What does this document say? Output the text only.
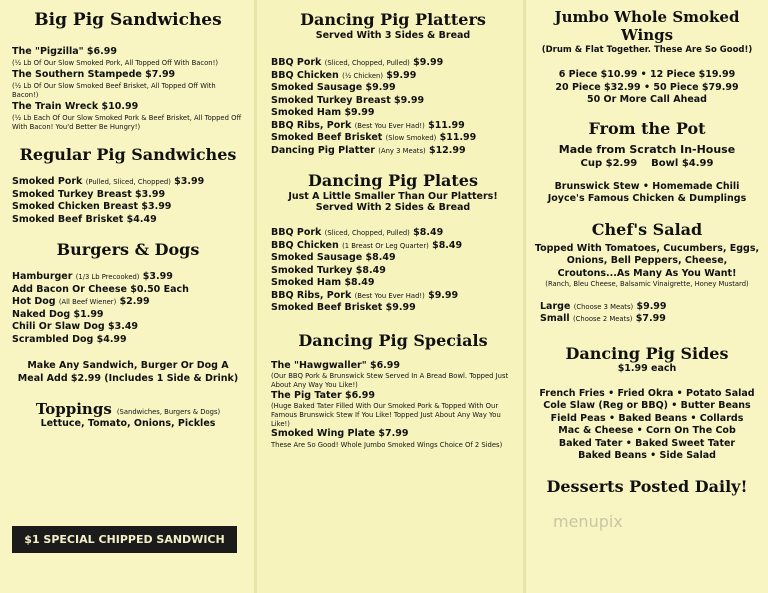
Big Pig Sandwiches
The "Pigzilla" $6.99
(½ Lb Of Our Slow Smoked Pork, All Topped Off With Bacon!)
The Southern Stampede $7.99
(½ Lb Of Our Slow Smoked Beef Brisket, All Topped Off With Bacon!)
The Train Wreck $10.99
(½ Lb Each Of Our Slow Smoked Pork & Beef Brisket, All Topped Off With Bacon! You'd Better Be Hungry!)
Regular Pig Sandwiches
Smoked Pork (Pulled, Sliced, Chopped) $3.99
Smoked Turkey Breast $3.99
Smoked Chicken Breast $3.99
Smoked Beef Brisket $4.49
Burgers & Dogs
Hamburger (1/3 Lb Precooked) $3.99
Add Bacon Or Cheese $0.50 Each
Hot Dog (All Beef Wiener) $2.99
Naked Dog $1.99
Chili Or Slaw Dog $3.49
Scrambled Dog $4.99
Make Any Sandwich, Burger Or Dog A
Meal Add $2.99 (Includes 1 Side & Drink)
Toppings (Sandwiches, Burgers & Dogs)
Lettuce, Tomato, Onions, Pickles
$1 SPECIAL CHIPPED SANDWICH
Dancing Pig Platters
Served With 3 Sides & Bread
BBQ Pork (Sliced, Chopped, Pulled) $9.99
BBQ Chicken (½ Chicken) $9.99
Smoked Sausage $9.99
Smoked Turkey Breast $9.99
Smoked Ham $9.99
BBQ Ribs, Pork (Best You Ever Had!) $11.99
Smoked Beef Brisket (Slow Smoked) $11.99
Dancing Pig Platter (Any 3 Meats) $12.99
Dancing Pig Plates
Just A Little Smaller Than Our Platters!
Served With 2 Sides & Bread
BBQ Pork (Sliced, Chopped, Pulled) $8.49
BBQ Chicken (1 Breast Or Leg Quarter) $8.49
Smoked Sausage $8.49
Smoked Turkey $8.49
Smoked Ham $8.49
BBQ Ribs, Pork (Best You Ever Had!) $9.99
Smoked Beef Brisket $9.99
Dancing Pig Specials
The "Hawgwaller" $6.99
(Our BBQ Pork & Brunswick Stew Served In A Bread Bowl. Topped Just About Any Way You Like!)
The Pig Tater $6.99
(Huge Baked Tater Filled With Our Smoked Pork & Topped With Our Famous Brunswick Stew If You Like! Topped Just About Any Way You Like!)
Smoked Wing Plate $7.99
These Are So Good! Whole Jumbo Smoked Wings Choice Of 2 Sides)
Jumbo Whole Smoked Wings
(Drum & Flat Together. These Are So Good!)
6 Piece $10.99 • 12 Piece $19.99
20 Piece $32.99 • 50 Piece $79.99
50 Or More Call Ahead
From the Pot
Made from Scratch In-House
Cup $2.99    Bowl $4.99
Brunswick Stew • Homemade Chili
Joyce's Famous Chicken & Dumplings
Chef's Salad
Topped With Tomatoes, Cucumbers, Eggs,
Onions, Bell Peppers, Cheese,
Croutons...As Many As You Want!
(Ranch, Bleu Cheese, Balsamic Vinaigrette, Honey Mustard)
Large (Choose 3 Meats) $9.99
Small (Choose 2 Meats) $7.99
Dancing Pig Sides
$1.99 each
French Fries • Fried Okra • Potato Salad
Cole Slaw (Reg or BBQ) • Butter Beans
Field Peas • Baked Beans • Collards
Mac & Cheese • Corn On The Cob
Baked Tater • Baked Sweet Tater
Baked Beans • Side Salad
Desserts Posted Daily!
menupix
